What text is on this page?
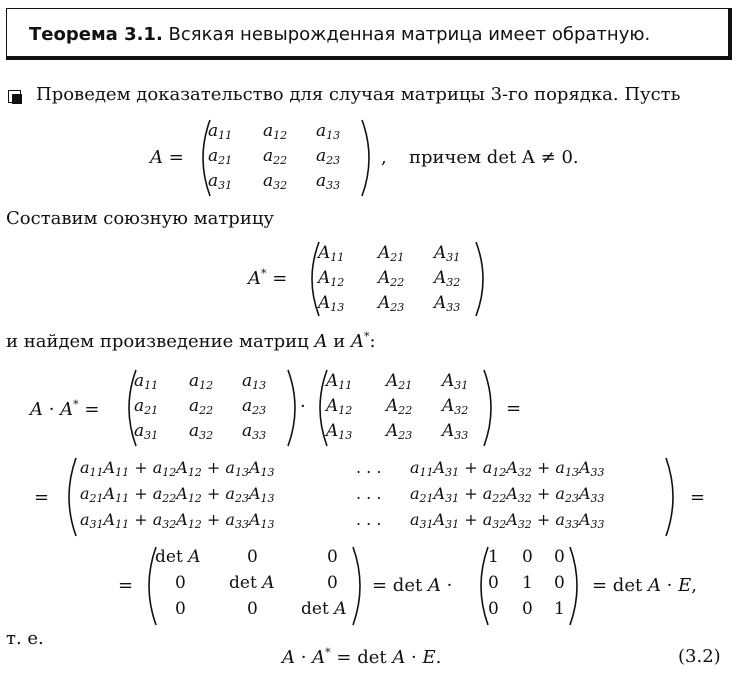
Теорема 3.1. Всякая невырожденная матрица имеет обратную.
Проведем доказательство для случая матрицы 3-го порядка. Пусть
A =
$a_{11}$ $a_{12}$ $a_{13}$
$a_{21}$ $a_{22}$ $a_{23}$
$a_{31}$ $a_{32}$ $a_{33}$
, причем det A ≠ 0.
Составим союзную матрицу
A* =
$A_{11}$ $A_{21}$ $A_{31}$
$A_{12}$ $A_{22}$ $A_{32}$
$A_{13}$ $A_{23}$ $A_{33}$
и найдем произведение матриц A и A*:
A · A* =
$a_{11}$ $a_{12}$ $a_{13}$
$a_{21}$ $a_{22}$ $a_{23}$
$a_{31}$ $a_{32}$ $a_{33}$
·
$A_{11}$ $A_{21}$ $A_{31}$
$A_{12}$ $A_{22}$ $A_{32}$
$A_{13}$ $A_{23}$ $A_{33}$
=
=
$a_{11}A_{11} + a_{12}A_{12} + a_{13}A_{13}$	. . . $a_{11}A_{31} + a_{12}A_{32} + a_{13}A_{33}$
$a_{21}A_{11} + a_{22}A_{12} + a_{23}A_{13}$	. . . $a_{21}A_{31} + a_{22}A_{32} + a_{23}A_{33}$
$a_{31}A_{11} + a_{32}A_{12} + a_{33}A_{13}$	. . . $a_{31}A_{31} + a_{32}A_{32} + a_{33}A_{33}$
=
=
det A	0	0
0	det A	0
0	0	det A
= det A ·
1 0 0
0 1 0
0 0 1
= det A · E,
т. е.
A · A* = det A · E.	(3.2)
